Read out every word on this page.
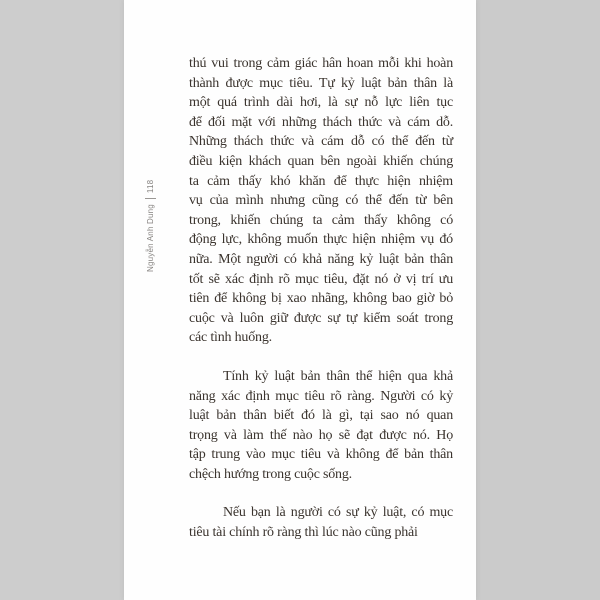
Nguyễn Anh Dung
118
thú vui trong cảm giác hân hoan mỗi khi hoàn
thành được mục tiêu. Tự kỷ luật bản thân là
một quá trình dài hơi, là sự nỗ lực liên tục
để đối mặt với những thách thức và cám dỗ.
Những thách thức và cám dỗ có thể đến từ
điều kiện khách quan bên ngoài khiến chúng
ta cảm thấy khó khăn để thực hiện nhiệm
vụ của mình nhưng cũng có thể đến từ bên
trong, khiến chúng ta cảm thấy không có
động lực, không muốn thực hiện nhiệm vụ đó
nữa. Một người có khả năng kỷ luật bản thân
tốt sẽ xác định rõ mục tiêu, đặt nó ở vị trí ưu
tiên để không bị xao nhãng, không bao giờ bỏ
cuộc và luôn giữ được sự tự kiểm soát trong
các tình huống.
Tính kỷ luật bản thân thể hiện qua khả
năng xác định mục tiêu rõ ràng. Người có kỷ
luật bản thân biết đó là gì, tại sao nó quan
trọng và làm thế nào họ sẽ đạt được nó. Họ
tập trung vào mục tiêu và không để bản thân
chệch hướng trong cuộc sống.
Nếu bạn là người có sự kỷ luật, có mục
tiêu tài chính rõ ràng thì lúc nào cũng phải
